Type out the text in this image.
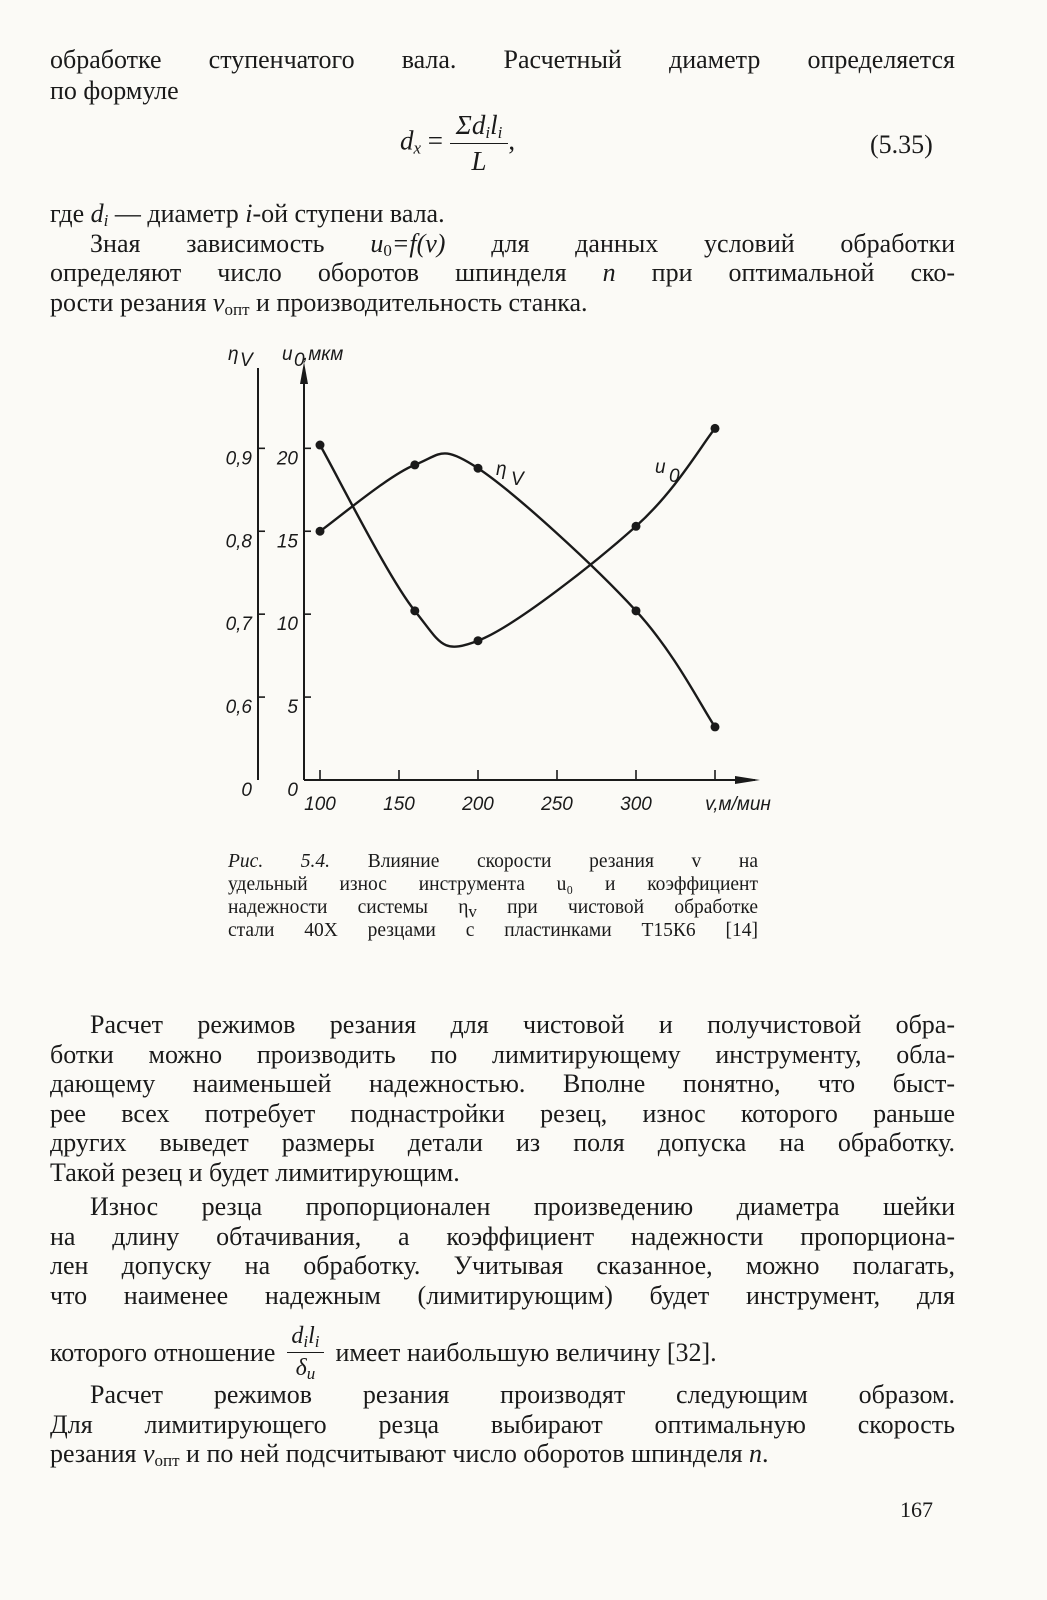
обработке ступенчатого вала. Расчетный диаметр определяется

по формуле

$d_x = \frac{\Sigma d_il_i}{L}$ ,	(5.35)

где $d_i$ — диаметр i-ой ступени вала.

Зная зависимость $u_0=f(v)$ для данных условий обработки

определяют число оборотов шпинделя n при оптимальной ско-

рости резания $v_{опт}$ и производительность станка.

0 0
0,6 5
0,7 10
0,8 15
0,9 20
η V u 0
,мкм
100 150 200 250 300	v,м/мин
η V
u 0

Рис. 5.4. Влияние скорости резания v на
удельный износ инструмента u₀ и коэффициент
надежности системы $\eta_v$ при чистовой обработке
стали 40Х резцами с пластинками Т15К6 [14]

Расчет режимов резания для чистовой и получистовой обра-

ботки можно производить по лимитирующему инструменту, обла-

дающему наименьшей надежностью. Вполне понятно, что быст-

рее всех потребует поднастройки резец, износ которого раньше

других выведет размеры детали из поля допуска на обработку.

Такой резец и будет лимитирующим.

Износ резца пропорционален произведению диаметра шейки

на длину обтачивания, а коэффициент надежности пропорциона-

лен допуску на обработку. Учитывая сказанное, можно полагать,

что наименее надежным (лимитирующим) будет инструмент, для

которого отношение $\frac{d_il_i}{\delta_u}$ имеет наибольшую величину [32].

Расчет режимов резания производят следующим образом.

Для лимитирующего резца выбирают оптимальную скорость

резания $v_{опт}$ и по ней подсчитывают число оборотов шпинделя n.

167
